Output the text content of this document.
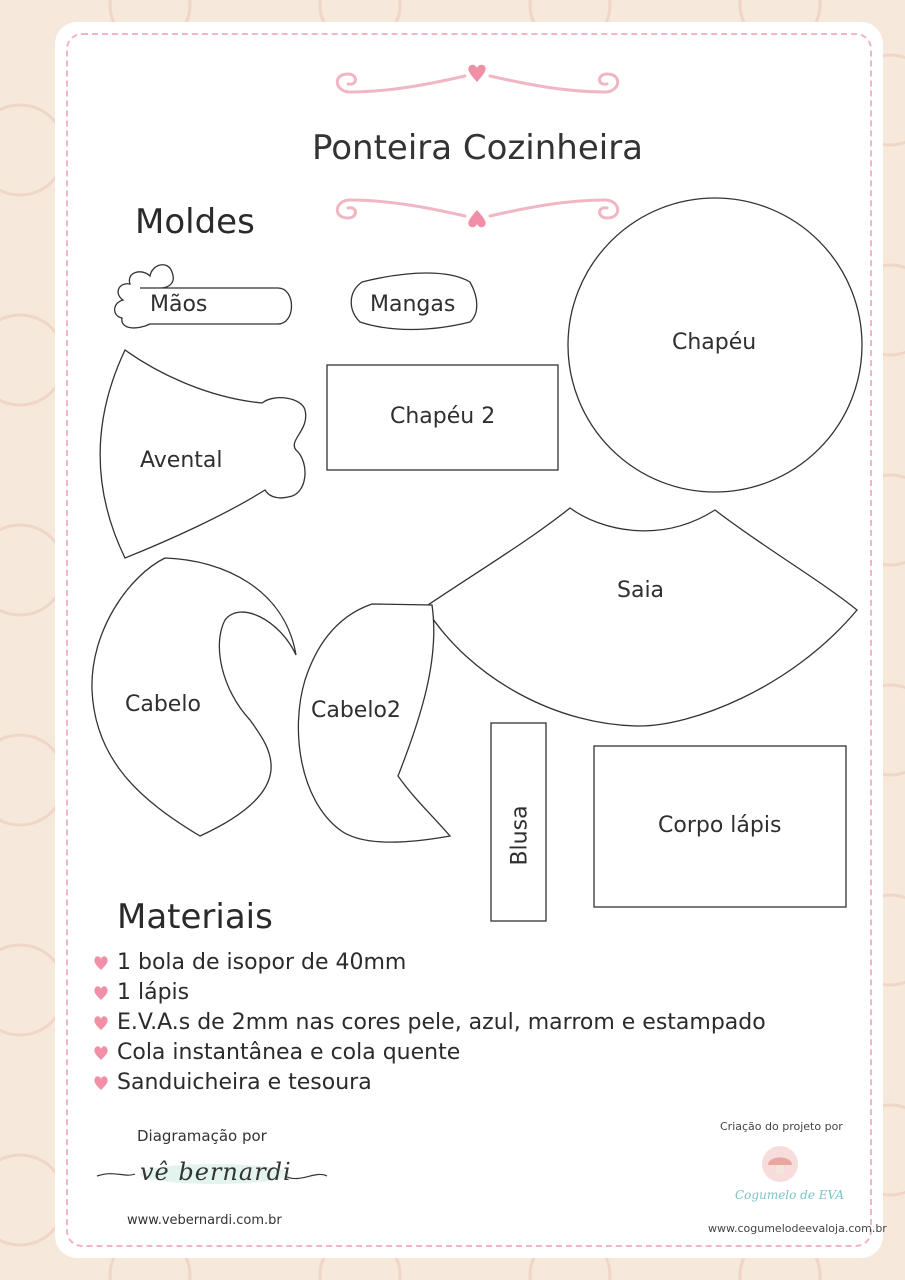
Ponteira Cozinheira
Moldes
Mãos	Mangas
Chapéu
Chapéu 2
Avental
Saia
Cabelo	Cabelo2
Blusa	Corpo lápis
Materiais
1 bola de isopor de 40mm
1 lápis
E.V.A.s de 2mm nas cores pele, azul, marrom e estampado
Cola instantânea e cola quente
Sanduicheira e tesoura
Diagramação por
vê bernardi
www.vebernardi.com.br
Criação do projeto por
Cogumelo de EVA
www.cogumelodeevaloja.com.br
